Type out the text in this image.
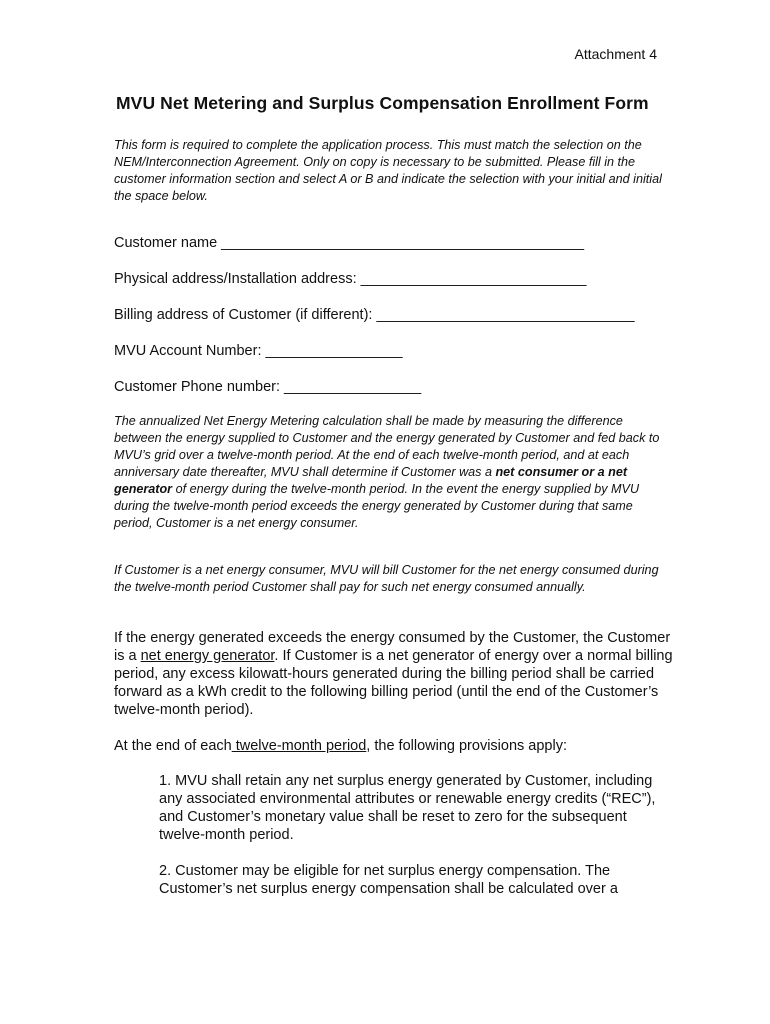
Attachment 4
MVU Net Metering and Surplus Compensation Enrollment Form

This form is required to complete the application process. This must match the selection on the NEM/Interconnection Agreement. Only on copy is necessary to be submitted. Please fill in the customer information section and select A or B and indicate the selection with your initial and initial the space below.

Customer name _____________________________________________
Physical address/Installation address: ____________________________
Billing address of Customer (if different): ________________________________
MVU Account Number: _________________
Customer Phone number: _________________

The annualized Net Energy Metering calculation shall be made by measuring the difference between the energy supplied to Customer and the energy generated by Customer and fed back to MVU’s grid over a twelve-month period. At the end of each twelve-month period, and at each anniversary date thereafter, MVU shall determine if Customer was a net consumer or a net generator of energy during the twelve-month period. In the event the energy supplied by MVU during the twelve-month period exceeds the energy generated by Customer during that same period, Customer is a net energy consumer.

If Customer is a net energy consumer, MVU will bill Customer for the net energy consumed during the twelve-month period Customer shall pay for such net energy consumed annually.

If the energy generated exceeds the energy consumed by the Customer, the Customer is a net energy generator. If Customer is a net generator of energy over a normal billing period, any excess kilowatt-hours generated during the billing period shall be carried forward as a kWh credit to the following billing period (until the end of the Customer’s twelve-month period).

At the end of each twelve-month period, the following provisions apply:

1. MVU shall retain any net surplus energy generated by Customer, including any associated environmental attributes or renewable energy credits (“REC”), and Customer’s monetary value shall be reset to zero for the subsequent twelve-month period.

2. Customer may be eligible for net surplus energy compensation. The Customer’s net surplus energy compensation shall be calculated over a
